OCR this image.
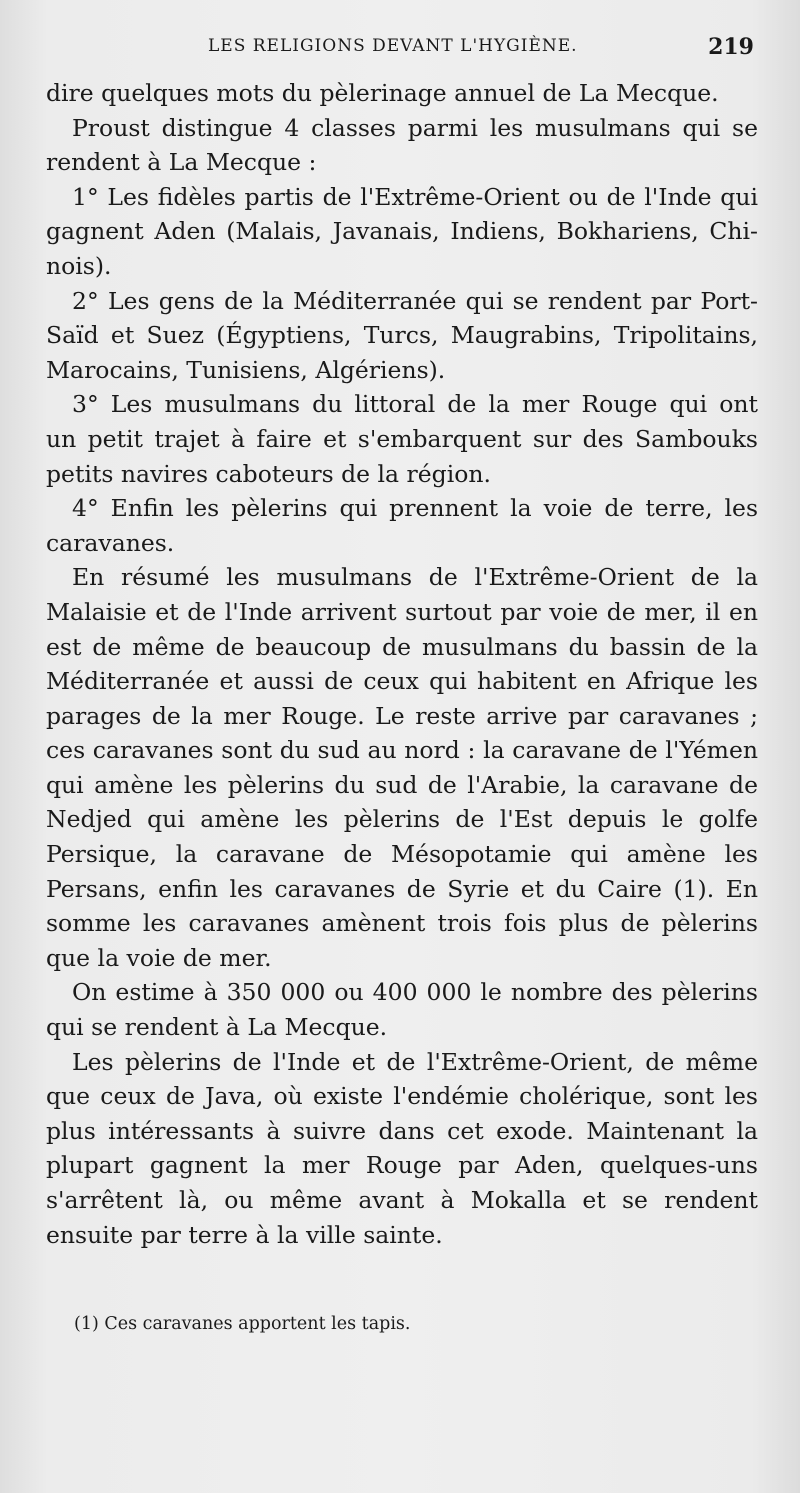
LES RELIGIONS DEVANT L'HYGIÈNE.	219
dire quelques mots du pèlerinage annuel de La Mecque.
Proust distingue 4 classes parmi les musulmans qui se
rendent à La Mecque :
1° Les fidèles partis de l'Extrême-Orient ou de l'Inde qui
gagnent Aden (Malais, Javanais, Indiens, Bokhariens, Chi-
nois).
2° Les gens de la Méditerranée qui se rendent par Port-
Saïd et Suez (Égyptiens, Turcs, Maugrabins, Tripolitains,
Marocains, Tunisiens, Algériens).
3° Les musulmans du littoral de la mer Rouge qui ont
un petit trajet à faire et s'embarquent sur des Sambouks
petits navires caboteurs de la région.
4° Enfin les pèlerins qui prennent la voie de terre, les
caravanes.
En résumé les musulmans de l'Extrême-Orient de la
Malaisie et de l'Inde arrivent surtout par voie de mer, il en
est de même de beaucoup de musulmans du bassin de la
Méditerranée et aussi de ceux qui habitent en Afrique les
parages de la mer Rouge. Le reste arrive par caravanes ;
ces caravanes sont du sud au nord : la caravane de l'Yémen
qui amène les pèlerins du sud de l'Arabie, la caravane de
Nedjed qui amène les pèlerins de l'Est depuis le golfe
Persique, la caravane de Mésopotamie qui amène les
Persans, enfin les caravanes de Syrie et du Caire (1). En
somme les caravanes amènent trois fois plus de pèlerins
que la voie de mer.
On estime à 350 000 ou 400 000 le nombre des pèlerins
qui se rendent à La Mecque.
Les pèlerins de l'Inde et de l'Extrême-Orient, de même
que ceux de Java, où existe l'endémie cholérique, sont les
plus intéressants à suivre dans cet exode. Maintenant la
plupart gagnent la mer Rouge par Aden, quelques-uns
s'arrêtent là, ou même avant à Mokalla et se rendent
ensuite par terre à la ville sainte.
(1) Ces caravanes apportent les tapis.
